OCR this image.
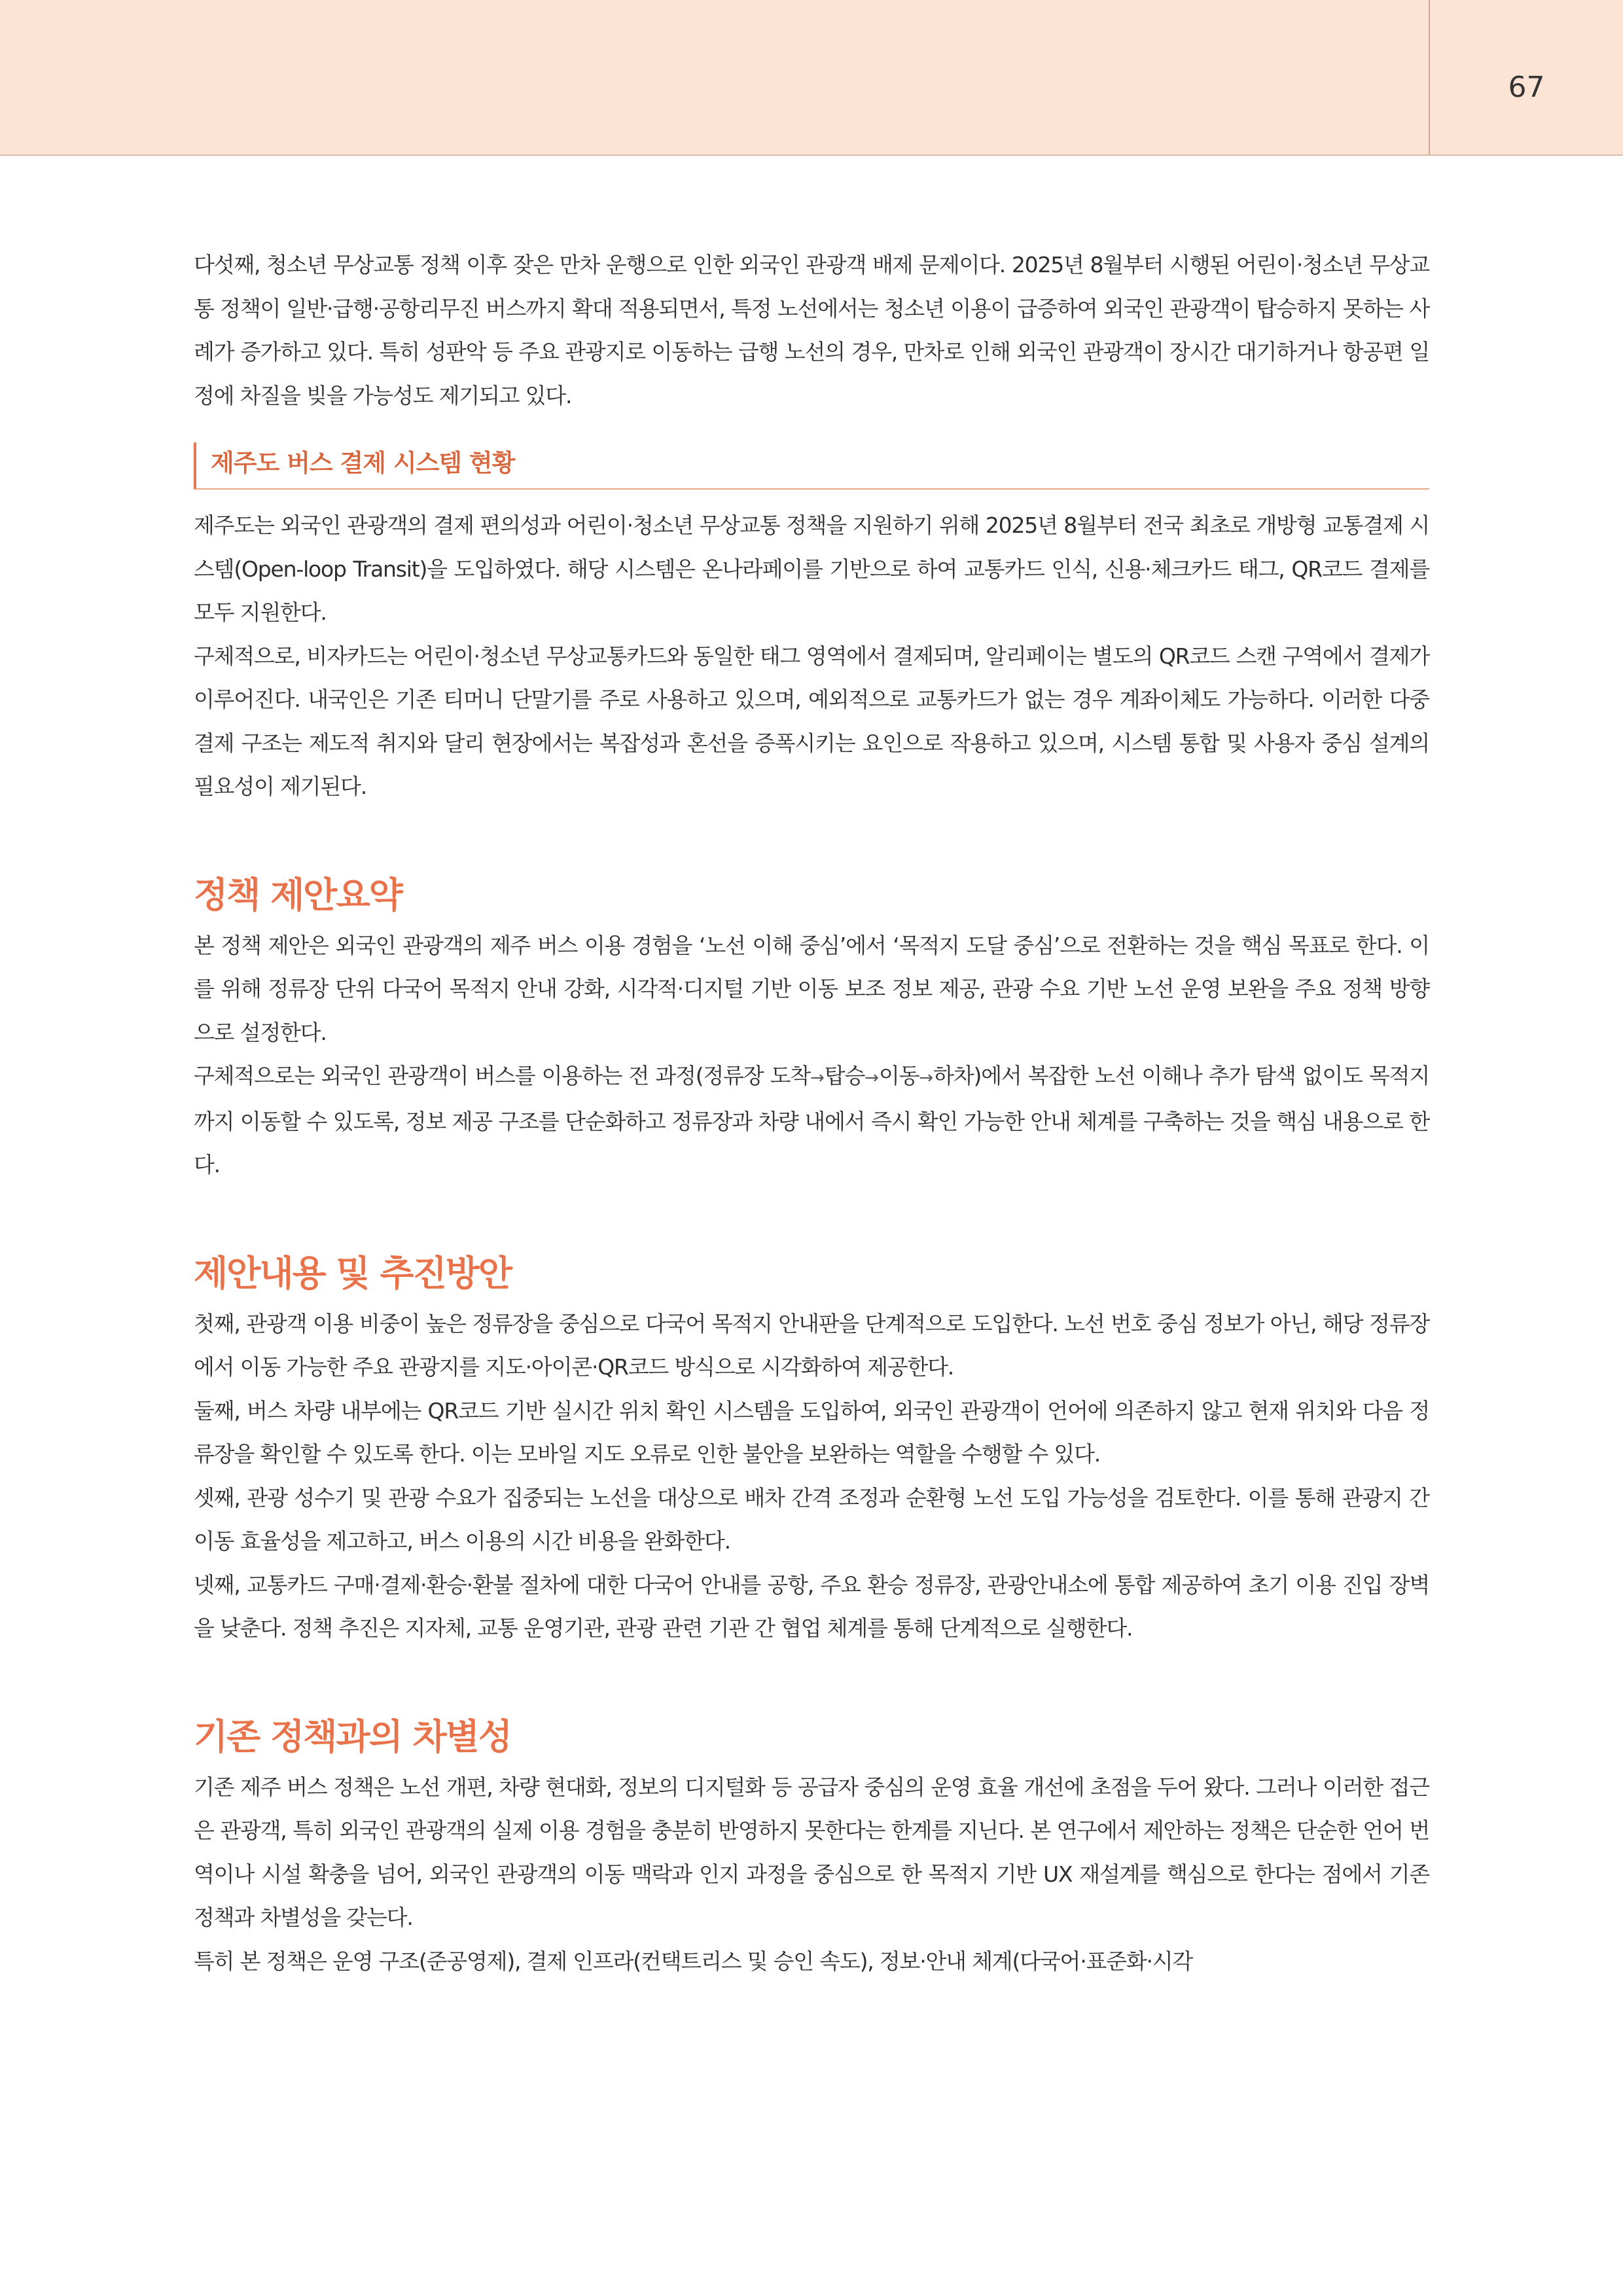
67

다섯째, 청소년 무상교통 정책 이후 잦은 만차 운행으로 인한 외국인 관광객 배제 문제이다. 2025년 8월부터 시행된 어린이·청소년 무상교통 정책이 일반·급행·공항리무진 버스까지 확대 적용되면서, 특정 노선에서는 청소년 이용이 급증하여 외국인 관광객이 탑승하지 못하는 사례가 증가하고 있다. 특히 성판악 등 주요 관광지로 이동하는 급행 노선의 경우, 만차로 인해 외국인 관광객이 장시간 대기하거나 항공편 일정에 차질을 빚을 가능성도 제기되고 있다.

제주도 버스 결제 시스템 현황

제주도는 외국인 관광객의 결제 편의성과 어린이·청소년 무상교통 정책을 지원하기 위해 2025년 8월부터 전국 최초로 개방형 교통결제 시스템(Open-loop Transit)을 도입하였다. 해당 시스템은 온나라페이를 기반으로 하여 교통카드 인식, 신용·체크카드 태그, QR코드 결제를 모두 지원한다.

구체적으로, 비자카드는 어린이·청소년 무상교통카드와 동일한 태그 영역에서 결제되며, 알리페이는 별도의 QR코드 스캔 구역에서 결제가 이루어진다. 내국인은 기존 티머니 단말기를 주로 사용하고 있으며, 예외적으로 교통카드가 없는 경우 계좌이체도 가능하다. 이러한 다중 결제 구조는 제도적 취지와 달리 현장에서는 복잡성과 혼선을 증폭시키는 요인으로 작용하고 있으며, 시스템 통합 및 사용자 중심 설계의 필요성이 제기된다.

정책 제안요약

본 정책 제안은 외국인 관광객의 제주 버스 이용 경험을 ‘노선 이해 중심’에서 ‘목적지 도달 중심’으로 전환하는 것을 핵심 목표로 한다. 이를 위해 정류장 단위 다국어 목적지 안내 강화, 시각적·디지털 기반 이동 보조 정보 제공, 관광 수요 기반 노선 운영 보완을 주요 정책 방향으로 설정한다.

구체적으로는 외국인 관광객이 버스를 이용하는 전 과정(정류장 도착→탑승→이동→하차)에서 복잡한 노선 이해나 추가 탐색 없이도 목적지까지 이동할 수 있도록, 정보 제공 구조를 단순화하고 정류장과 차량 내에서 즉시 확인 가능한 안내 체계를 구축하는 것을 핵심 내용으로 한다.

제안내용 및 추진방안

첫째, 관광객 이용 비중이 높은 정류장을 중심으로 다국어 목적지 안내판을 단계적으로 도입한다. 노선 번호 중심 정보가 아닌, 해당 정류장에서 이동 가능한 주요 관광지를 지도·아이콘·QR코드 방식으로 시각화하여 제공한다.

둘째, 버스 차량 내부에는 QR코드 기반 실시간 위치 확인 시스템을 도입하여, 외국인 관광객이 언어에 의존하지 않고 현재 위치와 다음 정류장을 확인할 수 있도록 한다. 이는 모바일 지도 오류로 인한 불안을 보완하는 역할을 수행할 수 있다.

셋째, 관광 성수기 및 관광 수요가 집중되는 노선을 대상으로 배차 간격 조정과 순환형 노선 도입 가능성을 검토한다. 이를 통해 관광지 간 이동 효율성을 제고하고, 버스 이용의 시간 비용을 완화한다.

넷째, 교통카드 구매·결제·환승·환불 절차에 대한 다국어 안내를 공항, 주요 환승 정류장, 관광안내소에 통합 제공하여 초기 이용 진입 장벽을 낮춘다. 정책 추진은 지자체, 교통 운영기관, 관광 관련 기관 간 협업 체계를 통해 단계적으로 실행한다.

기존 정책과의 차별성

기존 제주 버스 정책은 노선 개편, 차량 현대화, 정보의 디지털화 등 공급자 중심의 운영 효율 개선에 초점을 두어 왔다. 그러나 이러한 접근은 관광객, 특히 외국인 관광객의 실제 이용 경험을 충분히 반영하지 못한다는 한계를 지닌다. 본 연구에서 제안하는 정책은 단순한 언어 번역이나 시설 확충을 넘어, 외국인 관광객의 이동 맥락과 인지 과정을 중심으로 한 목적지 기반 UX 재설계를 핵심으로 한다는 점에서 기존 정책과 차별성을 갖는다.

특히 본 정책은 운영 구조(준공영제), 결제 인프라(컨택트리스 및 승인 속도), 정보·안내 체계(다국어·표준화·시각
